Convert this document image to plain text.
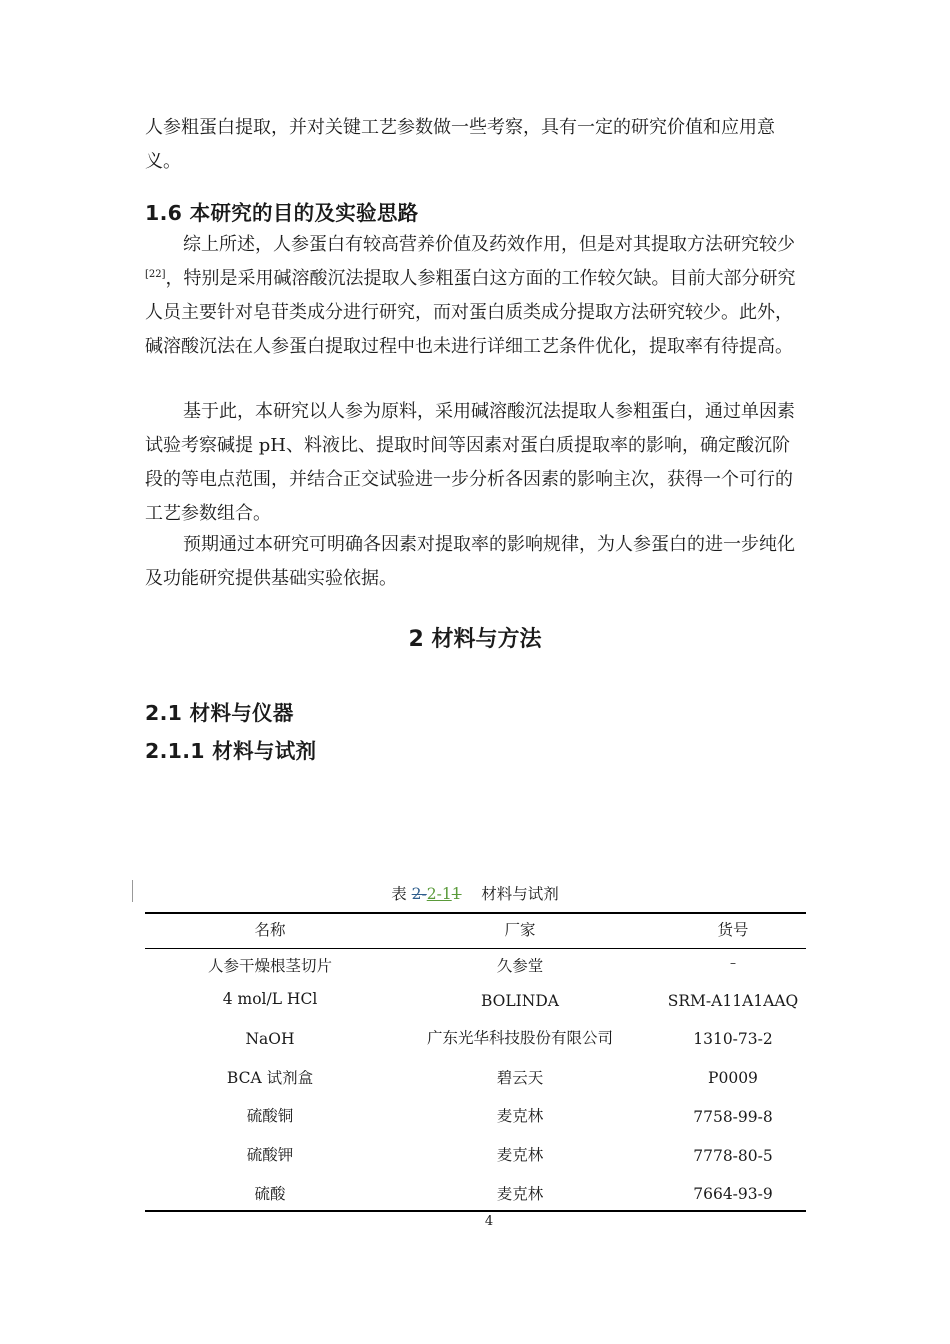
人参粗蛋白提取，并对关键工艺参数做一些考察，具有一定的研究价值和应用意义。

1.6 本研究的目的及实验思路

综上所述，人参蛋白有较高营养价值及药效作用，但是对其提取方法研究较少[22]，特别是采用碱溶酸沉法提取人参粗蛋白这方面的工作较欠缺。目前大部分研究人员主要针对皂苷类成分进行研究，而对蛋白质类成分提取方法研究较少。此外，碱溶酸沉法在人参蛋白提取过程中也未进行详细工艺条件优化，提取率有待提高。

基于此，本研究以人参为原料，采用碱溶酸沉法提取人参粗蛋白，通过单因素试验考察碱提 pH、料液比、提取时间等因素对蛋白质提取率的影响，确定酸沉阶段的等电点范围，并结合正交试验进一步分析各因素的影响主次，获得一个可行的工艺参数组合。

预期通过本研究可明确各因素对提取率的影响规律，为人参蛋白的进一步纯化及功能研究提供基础实验依据。

2 材料与方法
2.1 材料与仪器
2.1.1 材料与试剂
表 2-2-11 材料与试剂
名称	厂家	货号
人参干燥根茎切片	久参堂	–
4 mol/L HCl	BOLINDA	SRM-A11A1AAQ
NaOH	广东光华科技股份有限公司	1310-73-2
BCA 试剂盒	碧云天	P0009
硫酸铜	麦克林	7758-99-8
硫酸钾	麦克林	7778-80-5
硫酸	麦克林	7664-93-9
4
